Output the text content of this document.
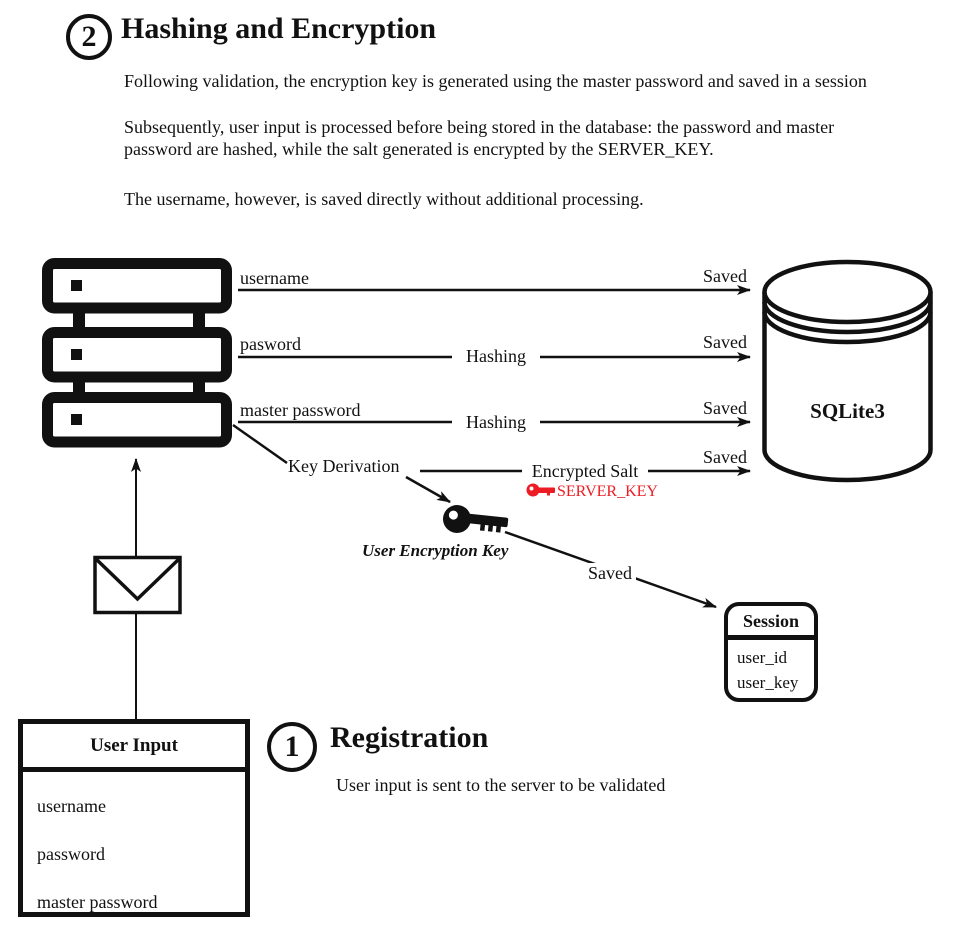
2 Hashing and Encryption
Following validation, the encryption key is generated using the master password and saved in a session
Subsequently, user input is processed before being stored in the database: the password and master
password are hashed, while the salt generated is encrypted by the SERVER_KEY.
The username, however, is saved directly without additional processing.
username
pasword
master password
Saved
Saved
Saved
Saved
Hashing
Hashing
Encrypted Salt
SERVER_KEY
Key Derivation
User Encryption Key
Saved
SQLite3
Session
user_id
user_key
User Input
username
password
master password
1	Registration
User input is sent to the server to be validated
